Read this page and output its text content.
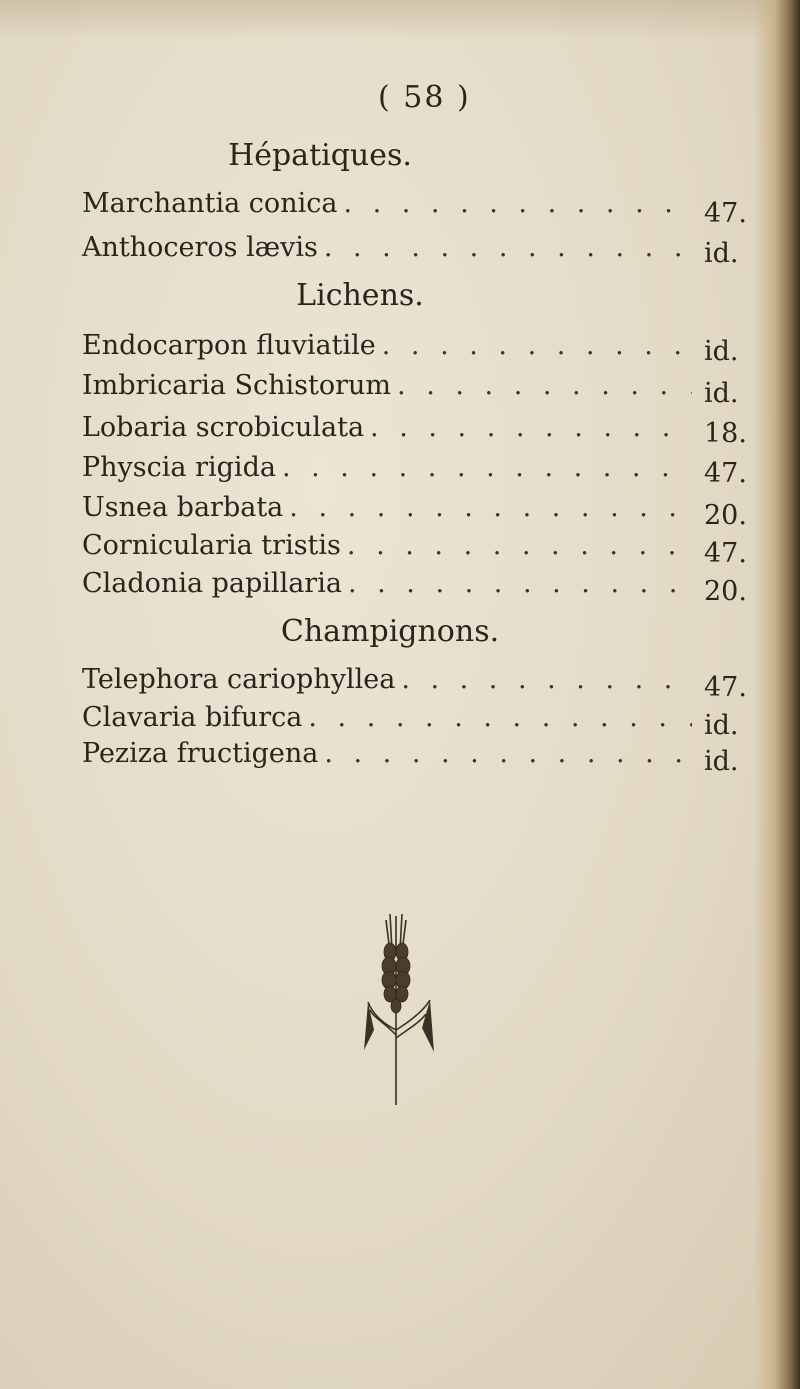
( 58 )
Hépatiques.
Marchantia conica . . .	47.
Anthoceros lævis . . .	id.
Lichens.
Endocarpon fluviatile . . .	id.
Imbricaria Schistorum . . .	id.
Lobaria scrobiculata . . .	18.
Physcia rigida . . .	47.
Usnea barbata . . .	20.
Cornicularia tristis . . .	47.
Cladonia papillaria . . .	20.
Champignons.
Telephora cariophyllea . . .	47.
Clavaria bifurca . . .	id.
Peziza fructigena . . .	id.
